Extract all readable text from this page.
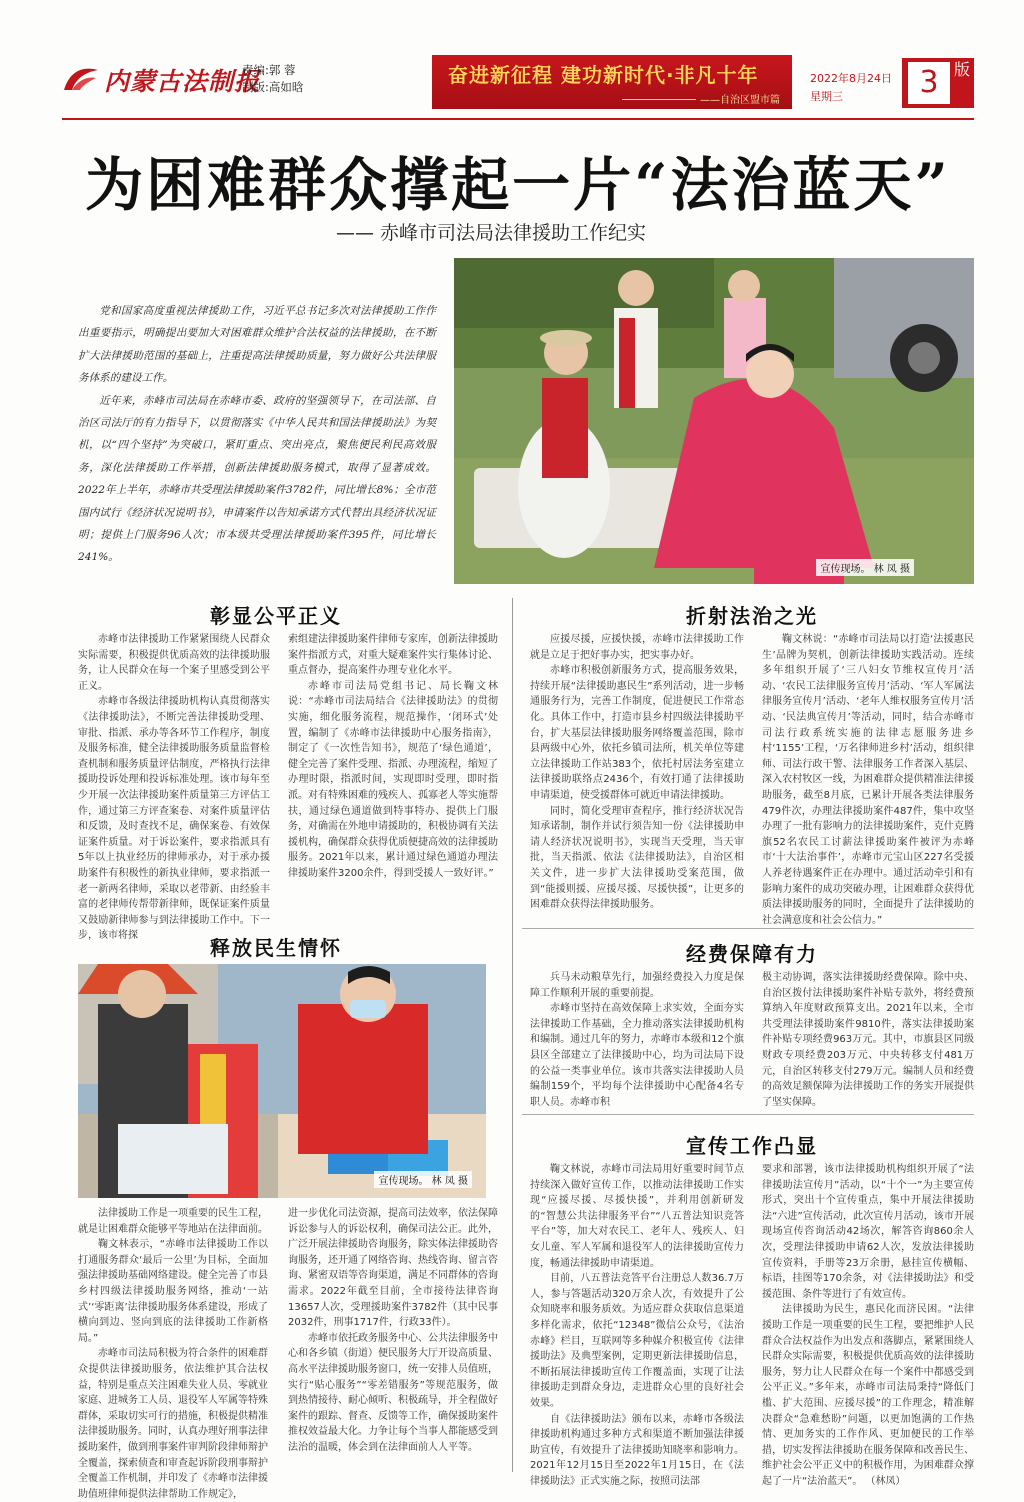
内蒙古法制报
责编:郭 蓉
制版:高如晗	奋进新征程 建功新时代·非凡十年
——自治区盟市篇
2022年8月24日
星期三	3 版
为困难群众撑起一片“法治蓝天”
—— 赤峰市司法局法律援助工作纪实

党和国家高度重视法律援助工作，习近平总书记多次对法律援助工作作出重要指示，明确提出要加大对困难群众维护合法权益的法律援助，在不断扩大法律援助范围的基础上，注重提高法律援助质量，努力做好公共法律服务体系的建设工作。

近年来，赤峰市司法局在赤峰市委、政府的坚强领导下，在司法部、自治区司法厅的有力指导下，以贯彻落实《中华人民共和国法律援助法》为契机，以“四个坚持”为突破口，紧盯重点、突出亮点，聚焦便民利民高效服务，深化法律援助工作举措，创新法律援助服务模式，取得了显著成效。2022年上半年，赤峰市共受理法律援助案件3782件，同比增长8%；全市范围内试行《经济状况说明书》，申请案件以告知承诺方式代替出具经济状况证明；提供上门服务96人次；市本级共受理法律援助案件395件，同比增长241%。

宣传现场。 林 凤 摄
彰显公平正义

赤峰市法律援助工作紧紧围绕人民群众实际需要，积极提供优质高效的法律援助服务，让人民群众在每一个案子里感受到公平正义。

赤峰市各级法律援助机构认真贯彻落实《法律援助法》，不断完善法律援助受理、审批、指派、承办等各环节工作程序，制度及服务标准，健全法律援助服务质量监督检查机制和服务质量评估制度，严格执行法律援助投诉处理和投诉标准处理。该市每年至少开展一次法律援助案件质量第三方评估工作，通过第三方评查案卷、对案件质量评估和反馈，及时查找不足，确保案卷、有效保证案件质量。对于诉讼案件，要求指派具有5年以上执业经历的律师承办，对于承办援助案件有积极性的新执业律师，要求指派一老一新两名律师，采取以老带新、由经验丰富的老律师传帮带新律师，既保证案件质量又鼓励新律师参与到法律援助工作中。下一步，该市将探

索组建法律援助案件律师专家库，创新法律援助案件指派方式，对重大疑难案件实行集体讨论、重点督办，提高案件办理专业化水平。

赤峰市司法局党组书记、局长鞠文林说：“赤峰市司法局结合《法律援助法》的贯彻实施，细化服务流程，规范操作，‘闭环式’处置，编制了《赤峰市法律援助中心服务指南》，制定了《一次性告知书》，规范了‘绿色通道’，健全完善了案件受理、指派、办理流程，缩短了办理时限，指派时间，实现即时受理，即时指派。对有特殊困难的残疾人、孤寡老人等实施帮扶，通过绿色通道做到特事特办、提供上门服务，对确需在外地申请援助的，积极协调有关法援机构，确保群众获得优质便捷高效的法律援助服务。2021年以来，累计通过绿色通道办理法律援助案件3200余件，得到受援人一致好评。”

折射法治之光

应援尽援，应援快援，赤峰市法律援助工作就是立足于把好事办实，把实事办好。

赤峰市积极创新服务方式，提高服务效果，持续开展“法律援助惠民生”系列活动，进一步畅通服务行为，完善工作制度，促进便民工作常态化。具体工作中，打造市县乡村四级法律援助平台，扩大基层法律援助服务网络覆盖范围，除市县两级中心外，依托乡镇司法所，机关单位等建立法律援助工作站383个，依托村居法务室建立法律援助联络点2436个，有效打通了法律援助申请渠道，使受援群体可就近申请法律援助。

同时，简化受理审查程序，推行经济状况告知承诺制，制作并试行须告知一份《法律援助申请人经济状况说明书》，实现当天受理，当天审批，当天指派、依法《法律援助法》，自治区相关文件，进一步扩大法律援助受案范围，做到“能援则援、应援尽援、尽援快援”，让更多的困难群众获得法律援助服务。

鞠文林说：“赤峰市司法局以打造‘法援惠民生’品牌为契机，创新法律援助实践活动。连续多年组织开展了‘三八妇女节维权宣传月’活动、‘农民工法律服务宣传月’活动、‘军人军属法律服务宣传月’活动、‘老年人维权服务宣传月’活动、‘民法典宣传月’等活动，同时，结合赤峰市司法行政系统实施的法律志愿服务进乡村‘1155’工程，‘万名律师进乡村’活动，组织律师、司法行政干警、法律服务工作者深入基层、深入农村牧区一线，为困难群众提供精准法律援助服务，截至8月底，已累计开展各类法律服务479件次，办理法律援助案件487件，集中攻坚办理了一批有影响力的法律援助案件，克什克腾旗52名农民工讨薪法律援助案件被评为赤峰市‘十大法治事件’，赤峰市元宝山区227名受援人养老待遇案件正在办理中。通过活动牵引和有影响力案件的成功突破办理，让困难群众获得优质法律援助服务的同时，全面提升了法律援助的社会满意度和社会公信力。”

释放民生情怀
宣传现场。 林 凤 摄

法律援助工作是一项重要的民生工程，就是让困难群众能够平等地站在法律面前。

鞠文林表示，“赤峰市法律援助工作以打通服务群众‘最后一公里’为目标，全面加强法律援助基础网络建设。健全完善了市县乡村四级法律援助服务网络，推动‘一站式’‘零距离’法律援助服务体系建设，形成了横向到边、竖向到底的法律援助工作新格局。”

赤峰市司法局积极为符合条件的困难群众提供法律援助服务，依法维护其合法权益，特别是重点关注困难失业人员、零就业家庭、进城务工人员、退役军人军属等特殊群体，采取切实可行的措施，积极提供精准法律援助服务。同时，认真办理好刑事法律援助案件，做到刑事案件审判阶段律师辩护全覆盖，探索侦查和审查起诉阶段刑事辩护全覆盖工作机制，并印发了《赤峰市法律援助值班律师提供法律帮助工作规定》，

进一步优化司法资源，提高司法效率，依法保障诉讼参与人的诉讼权利，确保司法公正。此外，广泛开展法律援助咨询服务，除实体法律援助咨询服务，还开通了网络咨询、热线咨询、留言咨询、紧密双语等咨询渠道，满足不同群体的咨询需求。2022年截至目前，全市接待法律咨询13657人次，受理援助案件3782件（其中民事2032件，刑事1717件，行政33件）。

赤峰市依托政务服务中心、公共法律服务中心和各乡镇（街道）便民服务大厅开设高质量、高水平法律援助服务窗口，统一安排人员值班，实行“贴心服务”“零差错服务”等规范服务，做到热情接待、耐心倾听、积极疏导，并全程做好案件的跟踪、督查、反馈等工作，确保援助案件推权效益最大化。力争让每个当事人都能感受到法治的温暖，体会到在法律面前人人平等。

经费保障有力

兵马未动粮草先行，加强经费投入力度是保障工作顺利开展的重要前提。

赤峰市坚持在高效保障上求实效，全面夯实法律援助工作基础，全力推动落实法律援助机构和编制。通过几年的努力，赤峰市本级和12个旗县区全部建立了法律援助中心，均为司法局下设的公益一类事业单位。该市共落实法律援助人员编制159个，平均每个法律援助中心配备4名专职人员。赤峰市积

极主动协调，落实法律援助经费保障。除中央、自治区拨付法律援助案件补贴专款外，将经费预算纳入年度财政预算支出。2021年以来，全市共受理法律援助案件9810件，落实法律援助案件补贴专项经费963万元。其中，市旗县区同级财政专项经费203万元、中央转移支付481万元，自治区转移支付279万元。编制人员和经费的高效足额保障为法律援助工作的务实开展提供了坚实保障。

宣传工作凸显

鞠文林说，赤峰市司法局用好重要时间节点持续深入做好宣传工作，以推动法律援助工作实现“应援尽援、尽援快援”，并利用创新研发的“智慧公共法律服务平台”“八五普法知识竞答平台”等，加大对农民工、老年人、残疾人、妇女儿童、军人军属和退役军人的法律援助宣传力度，畅通法律援助申请渠道。

目前，八五普法竞答平台注册总人数36.7万人，参与答题活动320万余人次，有效提升了公众知晓率和服务质效。为适应群众获取信息渠道多样化需求，依托“12348”微信公众号，《法治赤峰》栏目，互联网等多种媒介积极宣传《法律援助法》及典型案例，定期更新法律援助信息，不断拓展法律援助宣传工作覆盖面，实现了让法律援助走到群众身边，走进群众心里的良好社会效果。

自《法律援助法》颁布以来，赤峰市各级法律援助机构通过多种方式和渠道不断加强法律援助宣传，有效提升了法律援助知晓率和影响力。2021年12月15日至2022年1月15日，在《法律援助法》正式实施之际，按照司法部

要求和部署，该市法律援助机构组织开展了“法律援助法宣传月”活动，以“十个一”为主要宣传形式，突出十个宣传重点，集中开展法律援助法“六进”宣传活动，此次宣传月活动，该市开展现场宣传咨询活动42场次，解答咨询860余人次，受理法律援助申请62人次，发放法律援助宣传资料，手册等23万余册，悬挂宣传横幅、标语，挂图等170余条，对《法律援助法》和受援范围、条件等进行了有效宣传。

法律援助为民生，惠民化而济民困。“法律援助工作是一项重要的民生工程，要把维护人民群众合法权益作为出发点和落脚点，紧紧围绕人民群众实际需要，积极提供优质高效的法律援助服务，努力让人民群众在每一个案件中都感受到公平正义。”多年来，赤峰市司法局秉持“降低门槛、扩大范围、应援尽援”的工作理念，精准解决群众“急难愁盼”问题，以更加饱满的工作热情、更加务实的工作作风、更加便民的工作举措，切实发挥法律援助在服务保障和改善民生、维护社会公平正义中的积极作用，为困难群众撑起了一片“法治蓝天”。 （林凤）
